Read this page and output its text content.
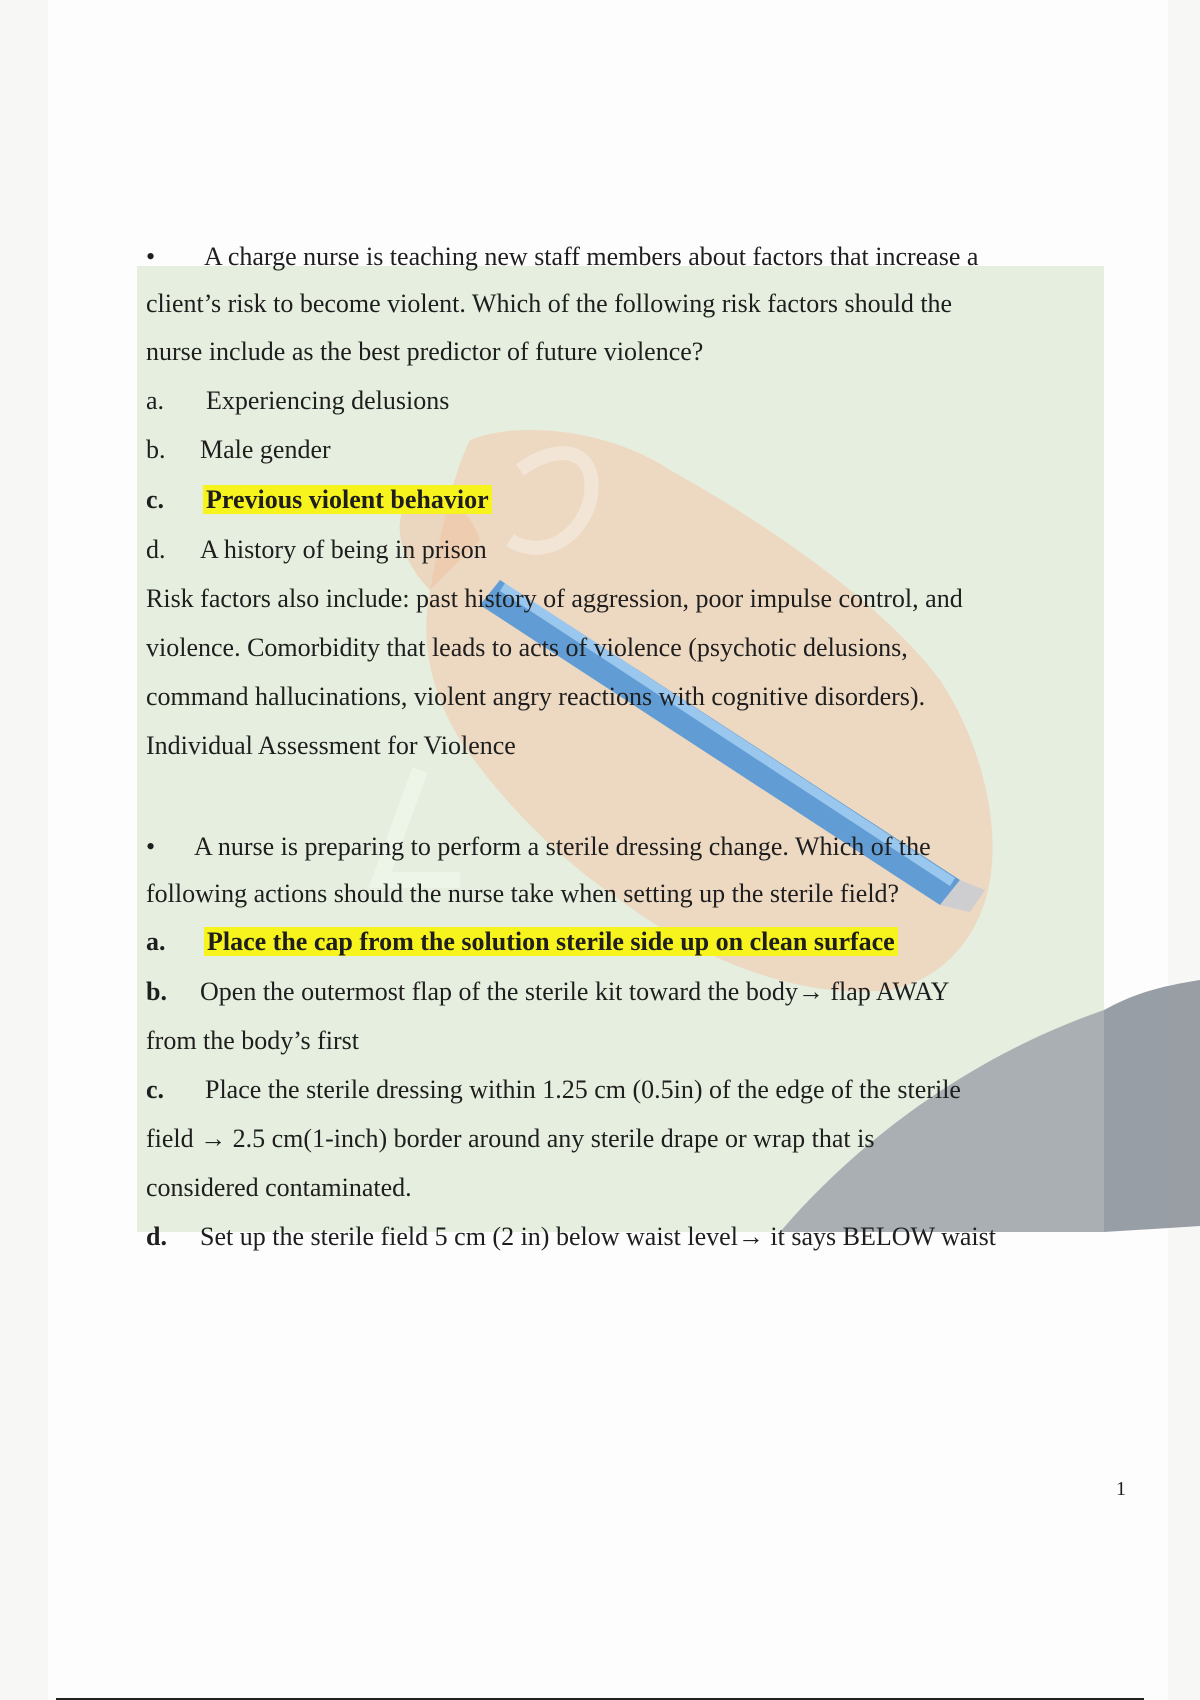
• A charge nurse is teaching new staff members about factors that increase a

client’s risk to become violent. Which of the following risk factors should the

nurse include as the best predictor of future violence?

a. Experiencing delusions

b. Male gender

c. Previous violent behavior

d. A history of being in prison

Risk factors also include: past history of aggression, poor impulse control, and

violence. Comorbidity that leads to acts of violence (psychotic delusions,

command hallucinations, violent angry reactions with cognitive disorders).

Individual Assessment for Violence

• A nurse is preparing to perform a sterile dressing change. Which of the

following actions should the nurse take when setting up the sterile field?

a. Place the cap from the solution sterile side up on clean surface

b. Open the outermost flap of the sterile kit toward the body→ flap AWAY

from the body’s first

c. Place the sterile dressing within 1.25 cm (0.5in) of the edge of the sterile

field → 2.5 cm(1-inch) border around any sterile drape or wrap that is

considered contaminated.

d. Set up the sterile field 5 cm (2 in) below waist level→ it says BELOW waist

1
